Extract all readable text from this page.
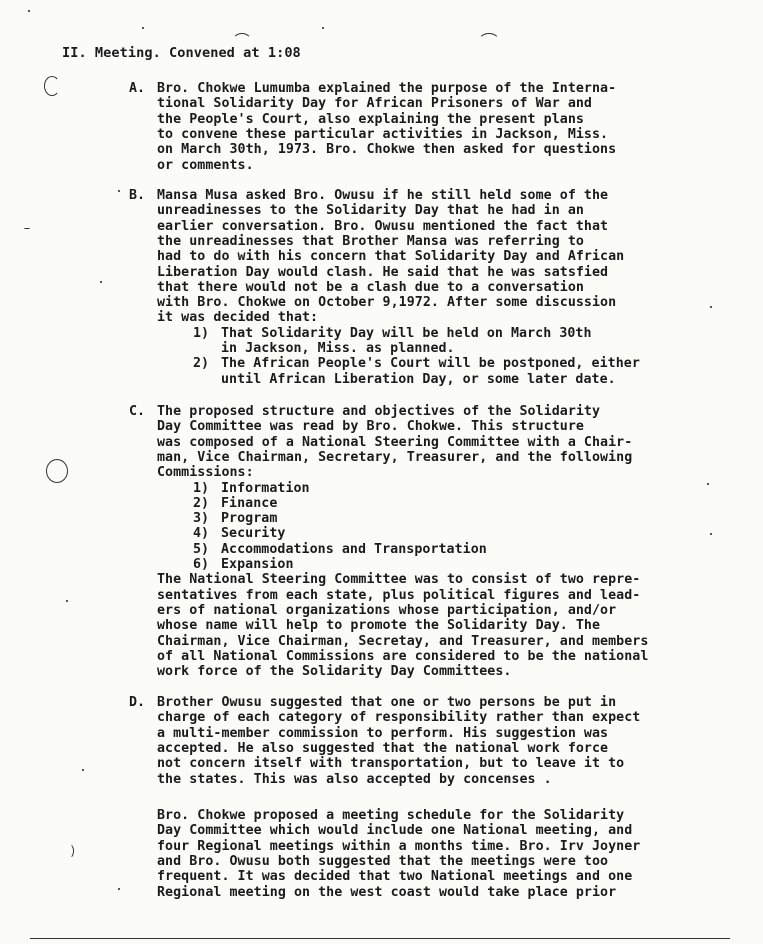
II. Meeting. Convened at 1:08
A. Bro. Chokwe Lumumba explained the purpose of the Interna-
tional Solidarity Day for African Prisoners of War and
the People's Court, also explaining the present plans
to convene these particular activities in Jackson, Miss.
on March 30th, 1973. Bro. Chokwe then asked for questions
or comments.
B. Mansa Musa asked Bro. Owusu if he still held some of the
unreadinesses to the Solidarity Day that he had in an
earlier conversation. Bro. Owusu mentioned the fact that
the unreadinesses that Brother Mansa was referring to
had to do with his concern that Solidarity Day and African
Liberation Day would clash. He said that he was satsfied
that there would not be a clash due to a conversation
with Bro. Chokwe on October 9,1972. After some discussion
it was decided that:
1) That Solidarity Day will be held on March 30th
in Jackson, Miss. as planned.
2) The African People's Court will be postponed, either
until African Liberation Day, or some later date.
C. The proposed structure and objectives of the Solidarity
Day Committee was read by Bro. Chokwe. This structure
was composed of a National Steering Committee with a Chair-
man, Vice Chairman, Secretary, Treasurer, and the following
Commissions:
1) Information
2) Finance
3) Program
4) Security
5) Accommodations and Transportation
6) Expansion
The National Steering Committee was to consist of two repre-
sentatives from each state, plus political figures and lead-
ers of national organizations whose participation, and/or
whose name will help to promote the Solidarity Day. The
Chairman, Vice Chairman, Secretay, and Treasurer, and members
of all National Commissions are considered to be the national
work force of the Solidarity Day Committees.
D. Brother Owusu suggested that one or two persons be put in
charge of each category of responsibility rather than expect
a multi-member commission to perform. His suggestion was
accepted. He also suggested that the national work force
not concern itself with transportation, but to leave it to
the states. This was also accepted by concenses .
Bro. Chokwe proposed a meeting schedule for the Solidarity
Day Committee which would include one National meeting, and
four Regional meetings within a months time. Bro. Irv Joyner
and Bro. Owusu both suggested that the meetings were too
frequent. It was decided that two National meetings and one
Regional meeting on the west coast would take place prior
